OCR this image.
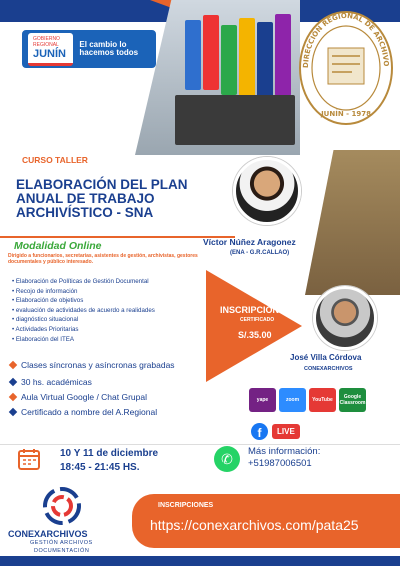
GOBIERNO REGIONAL
JUNÍN
El cambio lo hacemos todos
DIRECCIÓN REGIONAL DE ARCHIVO
JUNÍN - 1978
CURSO TALLER
ELABORACIÓN DEL PLAN
ANUAL DE TRABAJO
ARCHIVÍSTICO - SNA
Modalidad Online
Dirigido a funcionarios, secretarias, asistentes de gestión, archivistas, gestores documentales y público interesado.
• Elaboración de Políticas de Gestión Documental
• Recojo de información
• Elaboración de objetivos
• evaluación de actividades de acuerdo a realidades
• diagnóstico situacional
• Actividades Prioritarias
• Elaboración del ITEA
Víctor Núñez Aragonez
(ENA - G.R.CALLAO)
INSCRIPCIÓN:
CERTIFICADO
S/.35.00
José Villa Córdova
CONEXARCHIVOS
Clases síncronas y asíncronas grabadas
30 hs. académicas
Aula Virtual Google / Chat Grupal
Certificado a nombre del A.Regional
yape	zoom	YouTube	Google Classroom
f	LIVE
10 Y 11 de diciembre
18:45 - 21:45 HS.
✆	Más información:
+51987006501
CONEXARCHIVOS
GESTIÓN ARCHIVOS
DOCUMENTACIÓN
INSCRIPCIONES
https://conexarchivos.com/pata25
